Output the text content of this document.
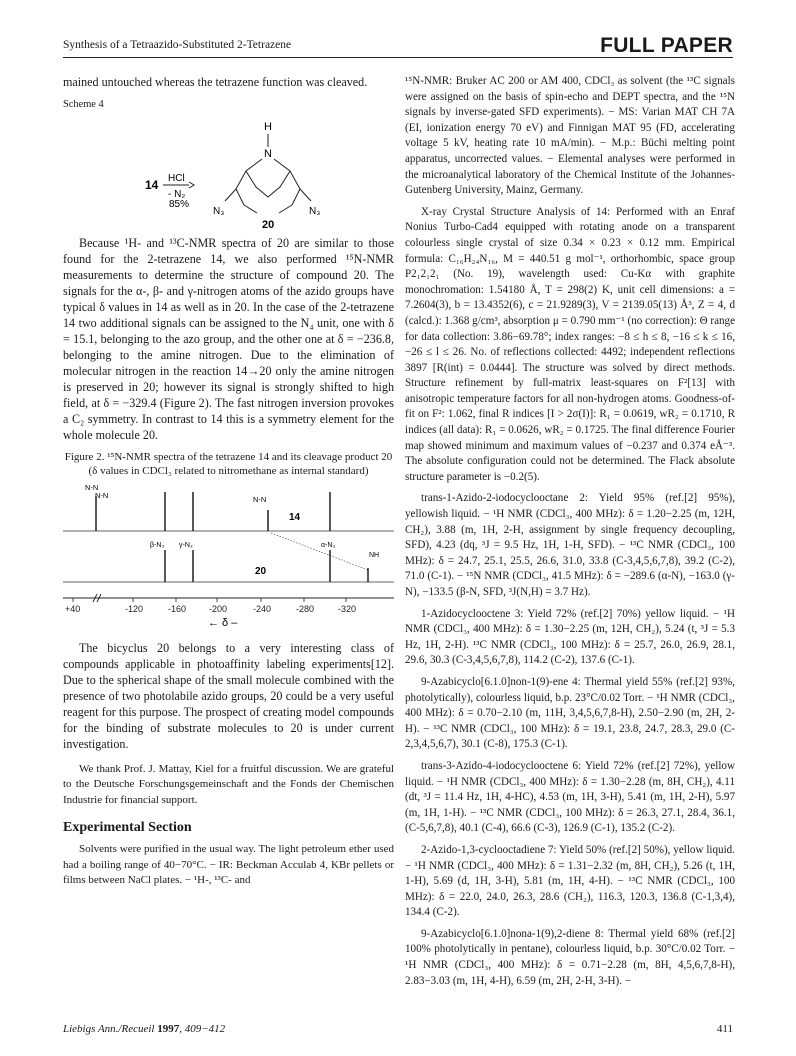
Synthesis of a Tetraazido-Substituted 2-Tetrazene	FULL PAPER

mained untouched whereas the tetrazene function was cleaved.

Scheme 4

14 HCl
- N₂
85%
H
N
N₃	N₃
20

Because ¹H- and ¹³C-NMR spectra of 20 are similar to those found for the 2-tetrazene 14, we also performed ¹⁵N-NMR measurements to determine the structure of compound 20. The signals for the α-, β- and γ-nitrogen atoms of the azido groups have typical δ values in 14 as well as in 20. In the case of the 2-tetrazene 14 two additional signals can be assigned to the N₄ unit, one with δ = 15.1, belonging to the azo group, and the other one at δ = −236.8, belonging to the amine nitrogen. Due to the elimination of molecular nitrogen in the reaction 14→20 only the amine nitrogen is preserved in 20; however its signal is strongly shifted to high field, at δ = −329.4 (Figure 2). The fast nitrogen inversion provokes a C₂ symmetry. In contrast to 14 this is a symmetry element for the whole molecule 20.

Figure 2. ¹⁵N-NMR spectra of the tetrazene 14 and its cleavage product 20 (δ values in CDCl₃ related to nitromethane as internal standard)

N-N
N-N	N-N
14
β-N₃ γ-N₃	α-N₃
NH
20
+40	-120	-160	-200	-240	-280	-320
← δ –

The bicyclus 20 belongs to a very interesting class of compounds applicable in photoaffinity labeling experiments[12]. Due to the spherical shape of the small molecule combined with the presence of two photolabile azido groups, 20 could be a very useful reagent for this purpose. The prospect of creating model compounds for the binding of substrate molecules to 20 is under current investigation.

We thank Prof. J. Mattay, Kiel for a fruitful discussion. We are grateful to the Deutsche Forschungsgemeinschaft and the Fonds der Chemischen Industrie for financial support.

Experimental Section

Solvents were purified in the usual way. The light petroleum ether used had a boiling range of 40−70°C. − IR: Beckman Acculab 4, KBr pellets or films between NaCl plates. − ¹H-, ¹³C- and

¹⁵N-NMR: Bruker AC 200 or AM 400, CDCl₃ as solvent (the ¹³C signals were assigned on the basis of spin-echo and DEPT spectra, and the ¹⁵N signals by inverse-gated SFD experiments). − MS: Varian MAT CH 7A (EI, ionization energy 70 eV) and Finnigan MAT 95 (FD, accelerating voltage 5 kV, heating rate 10 mA/min). − M.p.: Büchi melting point apparatus, uncorrected values. − Elemental analyses were performed in the microanalytical laboratory of the Chemical Institute of the Johannes-Gutenberg University, Mainz, Germany.

X-ray Crystal Structure Analysis of 14: Performed with an Enraf Nonius Turbo-Cad4 equipped with rotating anode on a transparent colourless single crystal of size 0.34 × 0.23 × 0.12 mm. Empirical formula: C₁₆H₂₄N₁₆, M = 440.51 g mol⁻¹, orthorhombic, space group P2₁2₁2₁ (No. 19), wavelength used: Cu-Kα with graphite monochromation: 1.54180 Å, T = 298(2) K, unit cell dimensions: a = 7.2604(3), b = 13.4352(6), c = 21.9289(3), V = 2139.05(13) Å³, Z = 4, d (calcd.): 1.368 g/cm³, absorption μ = 0.790 mm⁻¹ (no correction): Θ range for data collection: 3.86−69.78°; index ranges: −8 ≤ h ≤ 8, −16 ≤ k ≤ 16, −26 ≤ l ≤ 26. No. of reflections collected: 4492; independent reflections 3897 [R(int) = 0.0444]. The structure was solved by direct methods. Structure refinement by full-matrix least-squares on F²[13] with anisotropic temperature factors for all non-hydrogen atoms. Goodness-of-fit on F²: 1.062, final R indices [I > 2σ(I)]: R₁ = 0.0619, wR₂ = 0.1710, R indices (all data): R₁ = 0.0626, wR₂ = 0.1725. The final difference Fourier map showed minimum and maximum values of −0.237 and 0.374 eÅ⁻³. The absolute configuration could not be determined. The Flack absolute structure parameter is −0.2(5).

trans-1-Azido-2-iodocyclooctane 2: Yield 95% (ref.[2] 95%), yellowish liquid. − ¹H NMR (CDCl₃, 400 MHz): δ = 1.20−2.25 (m, 12H, CH₂), 3.88 (m, 1H, 2-H, assignment by single frequency decoupling, SFD), 4.23 (dq, ³J = 9.5 Hz, 1H, 1-H, SFD). − ¹³C NMR (CDCl₃, 100 MHz): δ = 24.7, 25.1, 25.5, 26.6, 31.0, 33.8 (C-3,4,5,6,7,8), 39.2 (C-2), 71.0 (C-1). − ¹⁵N NMR (CDCl₃, 41.5 MHz): δ = −289.6 (α-N), −163.0 (γ-N), −133.5 (β-N, SFD, ³J(N,H) = 3.7 Hz).

1-Azidocyclooctene 3: Yield 72% (ref.[2] 70%) yellow liquid. − ¹H NMR (CDCl₃, 400 MHz): δ = 1.30−2.25 (m, 12H, CH₂), 5.24 (t, ³J = 5.3 Hz, 1H, 2-H). ¹³C NMR (CDCl₃, 100 MHz): δ = 25.7, 26.0, 26.9, 28.1, 29.6, 30.3 (C-3,4,5,6,7,8), 114.2 (C-2), 137.6 (C-1).

9-Azabicyclo[6.1.0]non-1(9)-ene 4: Thermal yield 55% (ref.[2] 93%, photolytically), colourless liquid, b.p. 23°C/0.02 Torr. − ¹H NMR (CDCl₃, 400 MHz): δ = 0.70−2.10 (m, 11H, 3,4,5,6,7,8-H), 2.50−2.90 (m, 2H, 2-H). − ¹³C NMR (CDCl₃, 100 MHz): δ = 19.1, 23.8, 24.7, 28.3, 29.0 (C-2,3,4,5,6,7), 30.1 (C-8), 175.3 (C-1).

trans-3-Azido-4-iodocyclooctene 6: Yield 72% (ref.[2] 72%), yellow liquid. − ¹H NMR (CDCl₃, 400 MHz): δ = 1.30−2.28 (m, 8H, CH₂), 4.11 (dt, ³J = 11.4 Hz, 1H, 4-HC), 4.53 (m, 1H, 3-H), 5.41 (m, 1H, 2-H), 5.97 (m, 1H, 1-H). − ¹³C NMR (CDCl₃, 100 MHz): δ = 26.3, 27.1, 28.4, 36.1, (C-5,6,7,8), 40.1 (C-4), 66.6 (C-3), 126.9 (C-1), 135.2 (C-2).

2-Azido-1,3-cyclooctadiene 7: Yield 50% (ref.[2] 50%), yellow liquid. − ¹H NMR (CDCl₃, 400 MHz): δ = 1.31−2.32 (m, 8H, CH₂), 5.26 (t, 1H, 1-H), 5.69 (d, 1H, 3-H), 5.81 (m, 1H, 4-H). − ¹³C NMR (CDCl₃, 100 MHz): δ = 22.0, 24.0, 26.3, 28.6 (CH₂), 116.3, 120.3, 136.8 (C-1,3,4), 134.4 (C-2).

9-Azabicyclo[6.1.0]nona-1(9),2-diene 8: Thermal yield 68% (ref.[2] 100% photolytically in pentane), colourless liquid, b.p. 30°C/0.02 Torr. − ¹H NMR (CDCl₃, 400 MHz): δ = 0.71−2.28 (m, 8H, 4,5,6,7,8-H), 2.83−3.03 (m, 1H, 4-H), 6.59 (m, 2H, 2-H, 3-H). −

Liebigs Ann./Recueil 1997, 409−412	411
